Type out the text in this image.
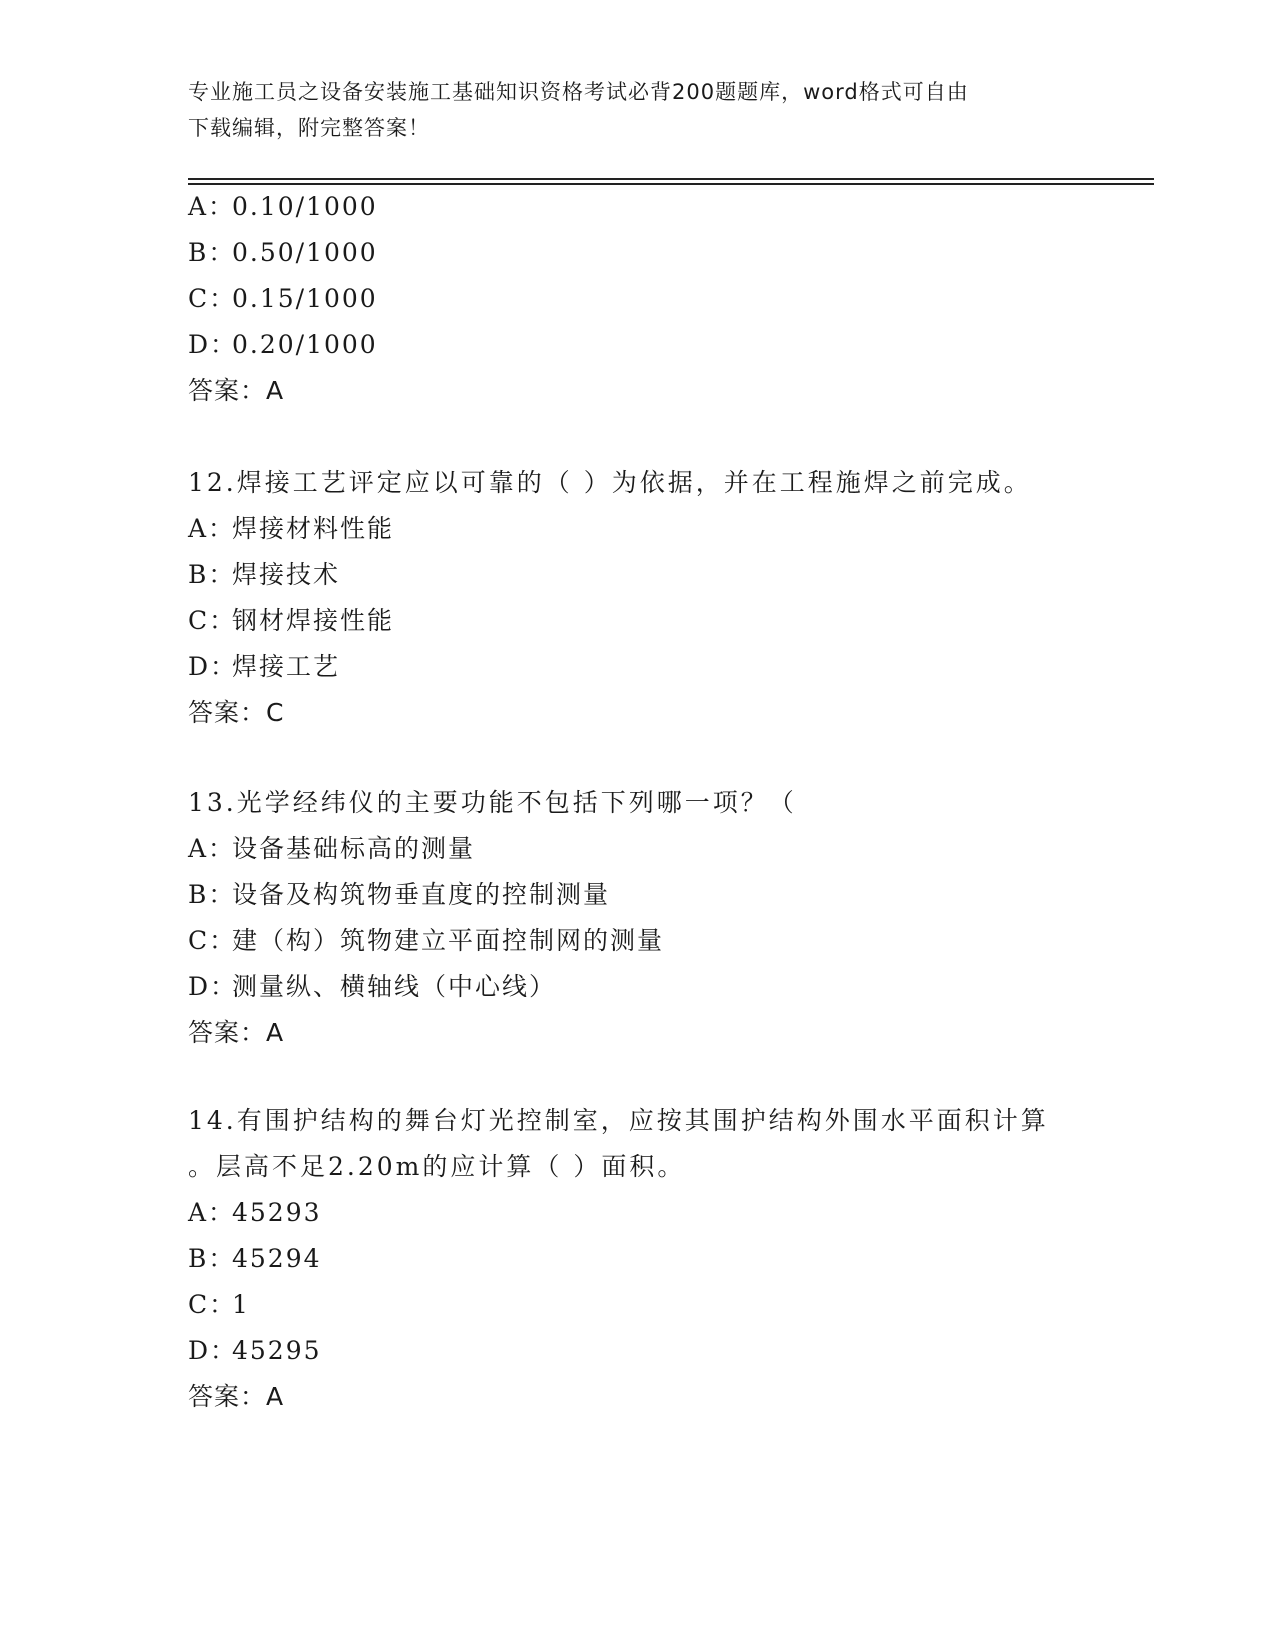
专业施工员之设备安装施工基础知识资格考试必背200题题库，word格式可自由
下载编辑，附完整答案！
A：0.10/1000
B：0.50/1000
C：0.15/1000
D：0.20/1000
答案：A
12.焊接工艺评定应以可靠的（ ）为依据，并在工程施焊之前完成。
A：焊接材料性能
B：焊接技术
C：钢材焊接性能
D：焊接工艺
答案：C
13.光学经纬仪的主要功能不包括下列哪一项？（
A：设备基础标高的测量
B：设备及构筑物垂直度的控制测量
C：建（构）筑物建立平面控制网的测量
D：测量纵、横轴线（中心线）
答案：A
14.有围护结构的舞台灯光控制室，应按其围护结构外围水平面积计算
。层高不足2.20m的应计算（ ）面积。
A：45293
B：45294
C：1
D：45295
答案：A
